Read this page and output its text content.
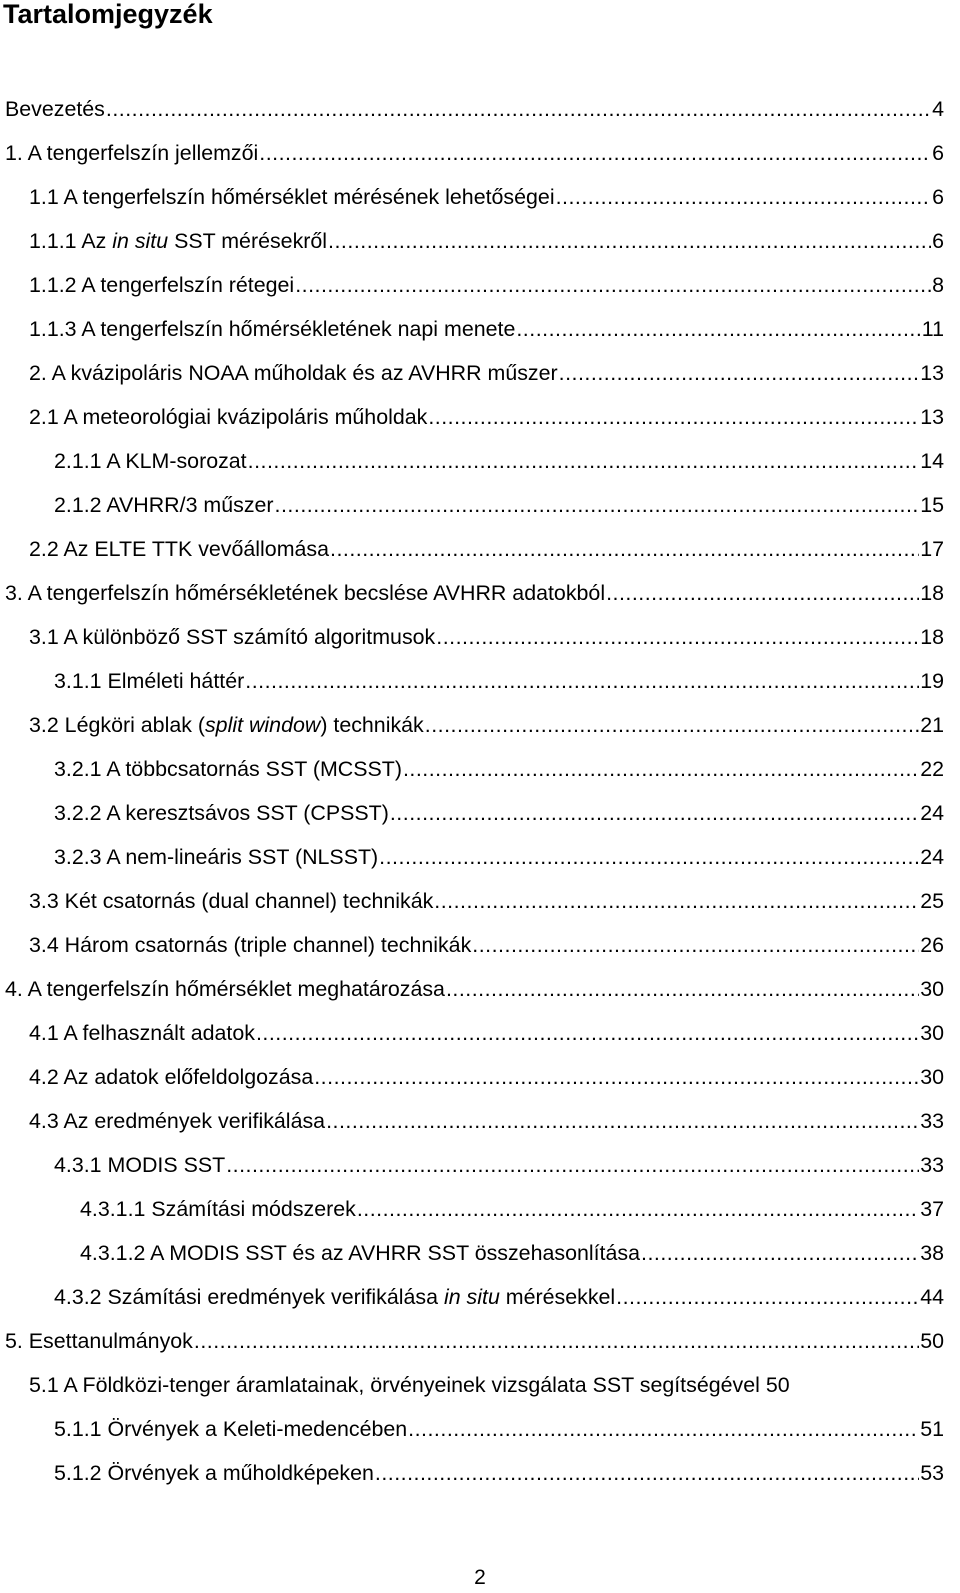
Tartalomjegyzék
Bevezetés .....	4
1. A tengerfelszín jellemzői .....	6
1.1 A tengerfelszín hőmérséklet mérésének lehetőségei .....	6
1.1.1 Az in situ SST mérésekről .....	6
1.1.2 A tengerfelszín rétegei .....	8
1.1.3 A tengerfelszín hőmérsékletének napi menete .....	11
2. A kvázipoláris NOAA műholdak és az AVHRR műszer .....	13
2.1 A meteorológiai kvázipoláris műholdak .....	13
2.1.1 A KLM-sorozat .....	14
2.1.2 AVHRR/3 műszer .....	15
2.2 Az ELTE TTK vevőállomása .....	17
3. A tengerfelszín hőmérsékletének becslése AVHRR adatokból .....	18
3.1 A különböző SST számító algoritmusok .....	18
3.1.1 Elméleti háttér .....	19
3.2 Légköri ablak (split window) technikák .....	21
3.2.1 A többcsatornás SST (MCSST) .....	22
3.2.2 A keresztsávos SST (CPSST) .....	24
3.2.3 A nem-lineáris SST (NLSST) .....	24
3.3 Két csatornás (dual channel) technikák .....	25
3.4 Három csatornás (triple channel) technikák .....	26
4. A tengerfelszín hőmérséklet meghatározása .....	30
4.1 A felhasznált adatok .....	30
4.2 Az adatok előfeldolgozása .....	30
4.3 Az eredmények verifikálása .....	33
4.3.1 MODIS SST .....	33
4.3.1.1 Számítási módszerek .....	37
4.3.1.2 A MODIS SST és az AVHRR SST összehasonlítása .....	38
4.3.2 Számítási eredmények verifikálása in situ mérésekkel .....	44
5. Esettanulmányok .....	50
5.1 A Földközi-tenger áramlatainak, örvényeinek vizsgálata SST segítségével 50
5.1.1 Örvények a Keleti-medencében .....	51
5.1.2 Örvények a műholdképeken .....	53
2
